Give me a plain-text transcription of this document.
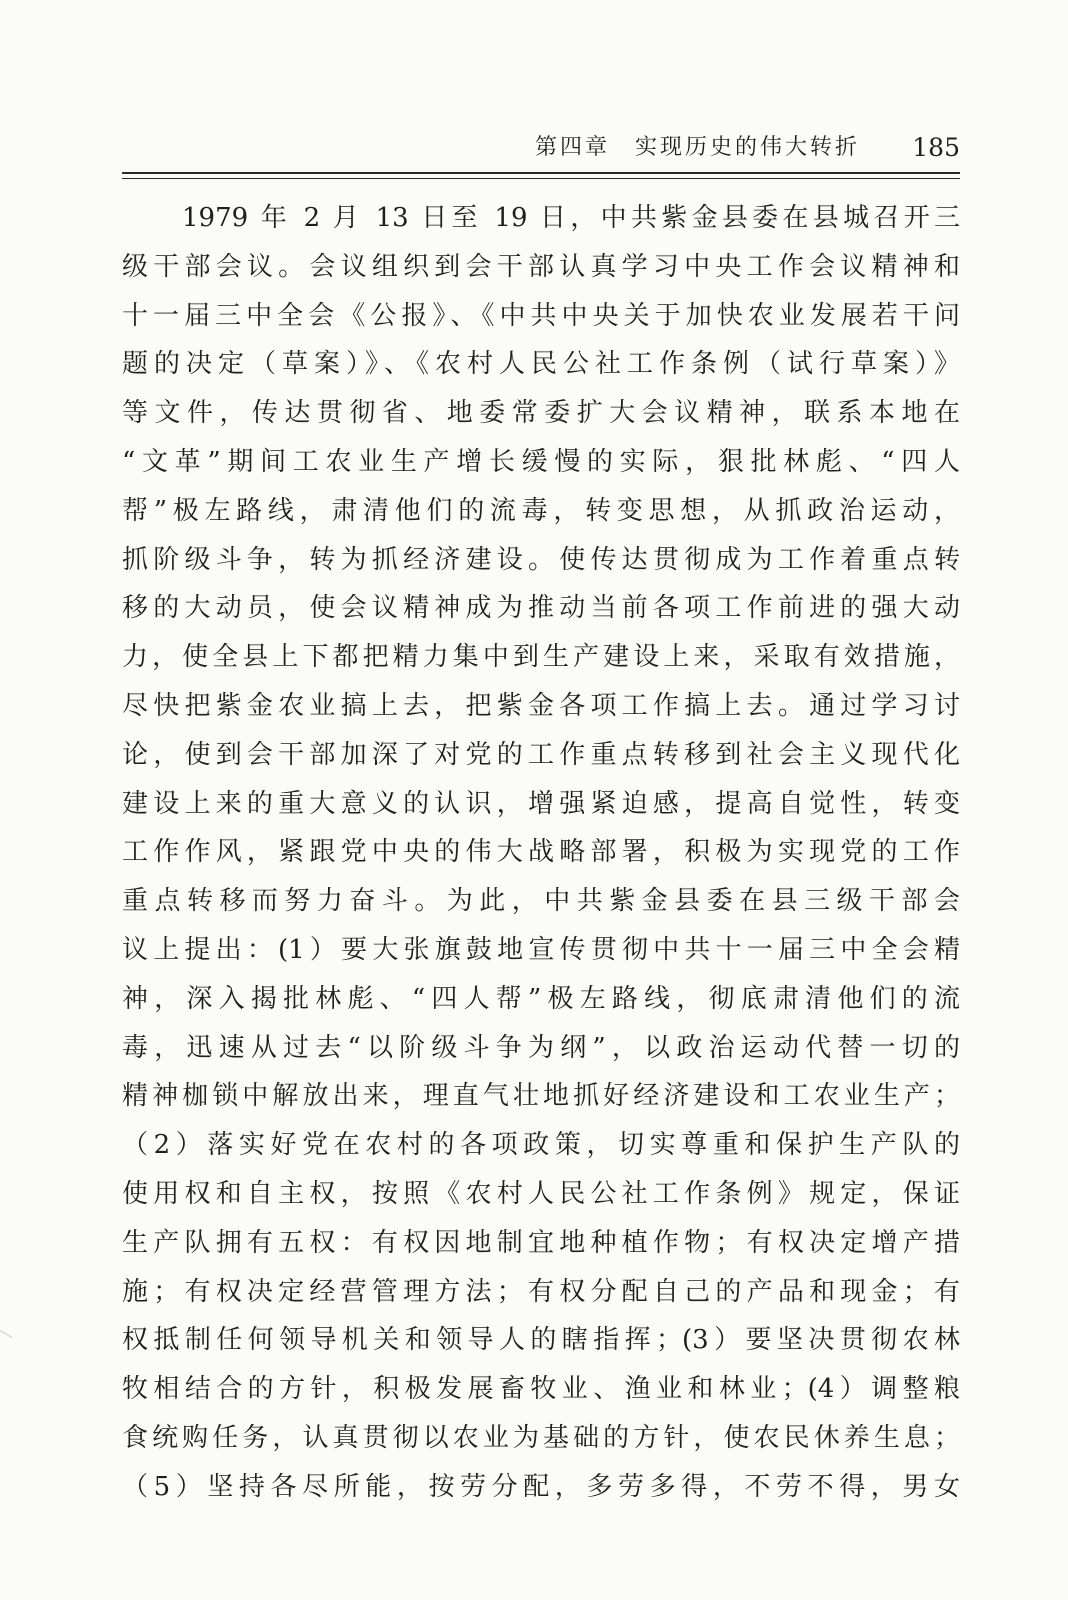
第四章　实现历史的伟大转折 185
1979 年 2 月 13 日至 19 日，中共紫金县委在县城召开三
级干部会议。会议组织到会干部认真学习中央工作会议精神和
十一届三中全会《公报》、《中共中央关于加快农业发展若干问
题的决定（草案）》、《农村人民公社工作条例（试行草案）》
等文件，传达贯彻省、地委常委扩大会议精神，联系本地在
“文革”期间工农业生产增长缓慢的实际，狠批林彪、“四人
帮”极左路线，肃清他们的流毒，转变思想，从抓政治运动，
抓阶级斗争，转为抓经济建设。使传达贯彻成为工作着重点转
移的大动员，使会议精神成为推动当前各项工作前进的强大动
力，使全县上下都把精力集中到生产建设上来，采取有效措施，
尽快把紫金农业搞上去，把紫金各项工作搞上去。通过学习讨
论，使到会干部加深了对党的工作重点转移到社会主义现代化
建设上来的重大意义的认识，增强紧迫感，提高自觉性，转变
工作作风，紧跟党中央的伟大战略部署，积极为实现党的工作
重点转移而努力奋斗。为此，中共紫金县委在县三级干部会
议上提出：(1）要大张旗鼓地宣传贯彻中共十一届三中全会精
神，深入揭批林彪、“四人帮”极左路线，彻底肃清他们的流
毒，迅速从过去“以阶级斗争为纲”，以政治运动代替一切的
精神枷锁中解放出来，理直气壮地抓好经济建设和工农业生产；
（2）落实好党在农村的各项政策，切实尊重和保护生产队的
使用权和自主权，按照《农村人民公社工作条例》规定，保证
生产队拥有五权：有权因地制宜地种植作物；有权决定增产措
施；有权决定经营管理方法；有权分配自己的产品和现金；有
权抵制任何领导机关和领导人的瞎指挥；(3）要坚决贯彻农林
牧相结合的方针，积极发展畜牧业、渔业和林业；(4）调整粮
食统购任务，认真贯彻以农业为基础的方针，使农民休养生息；
（5）坚持各尽所能，按劳分配，多劳多得，不劳不得，男女
